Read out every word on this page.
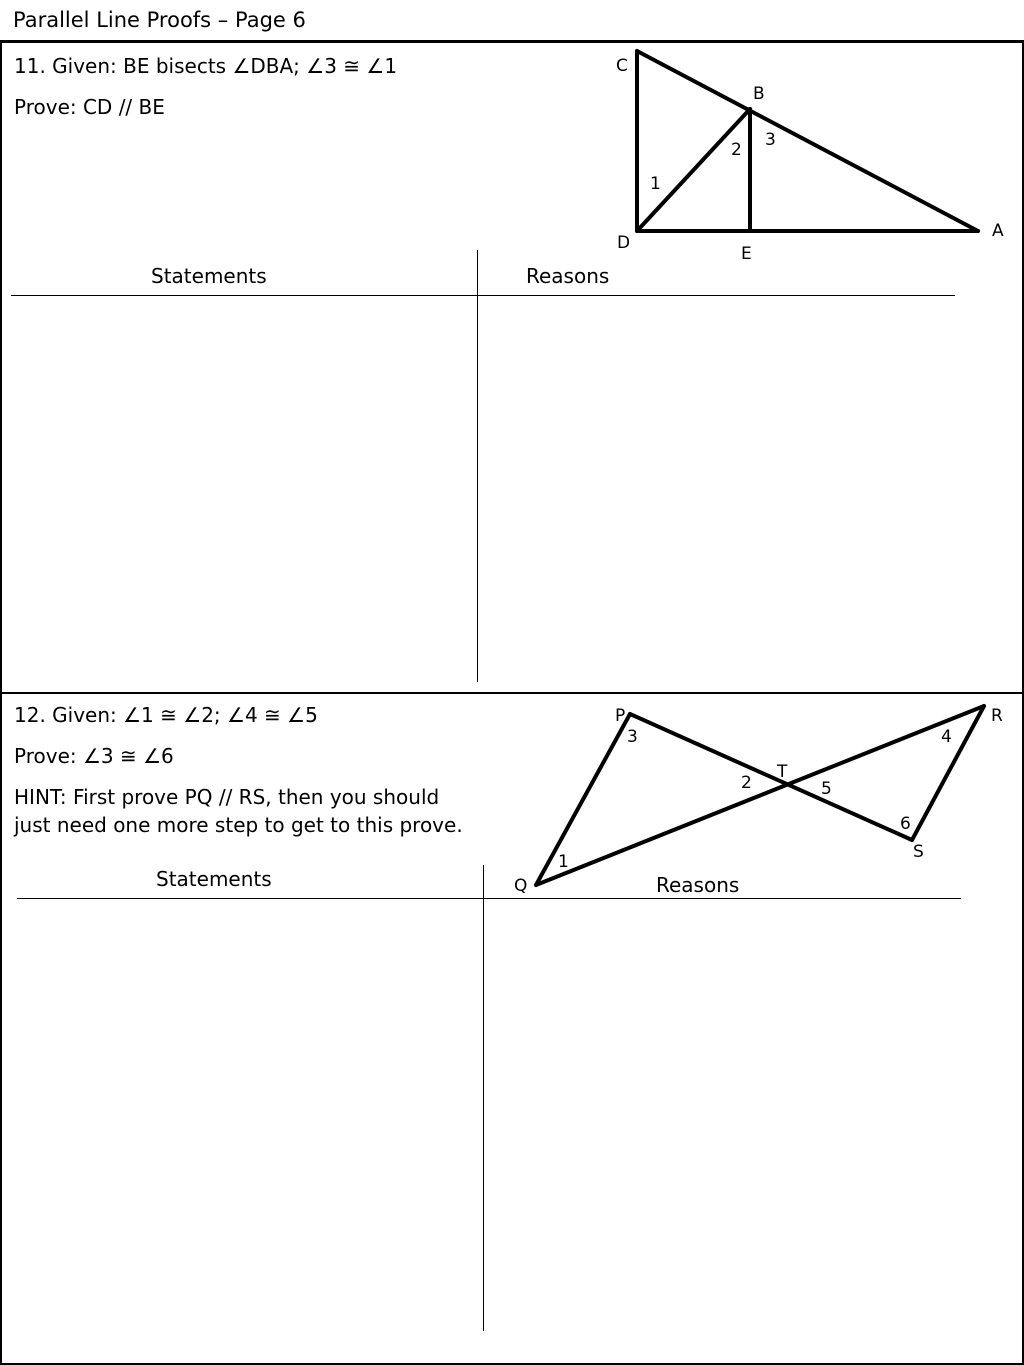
Parallel Line Proofs – Page 6
11. Given: BE bisects ∠DBA; ∠3 ≅ ∠1
Prove: CD // BE
C
B
D
E
A
1
2 3
Statements	Reasons
12. Given: ∠1 ≅ ∠2; ∠4 ≅ ∠5
Prove: ∠3 ≅ ∠6
HINT: First prove PQ // RS, then you should
just need one more step to get to this prove.
P	R
T
S
Q
1
2
3	4
5
6
Statements	Reasons
